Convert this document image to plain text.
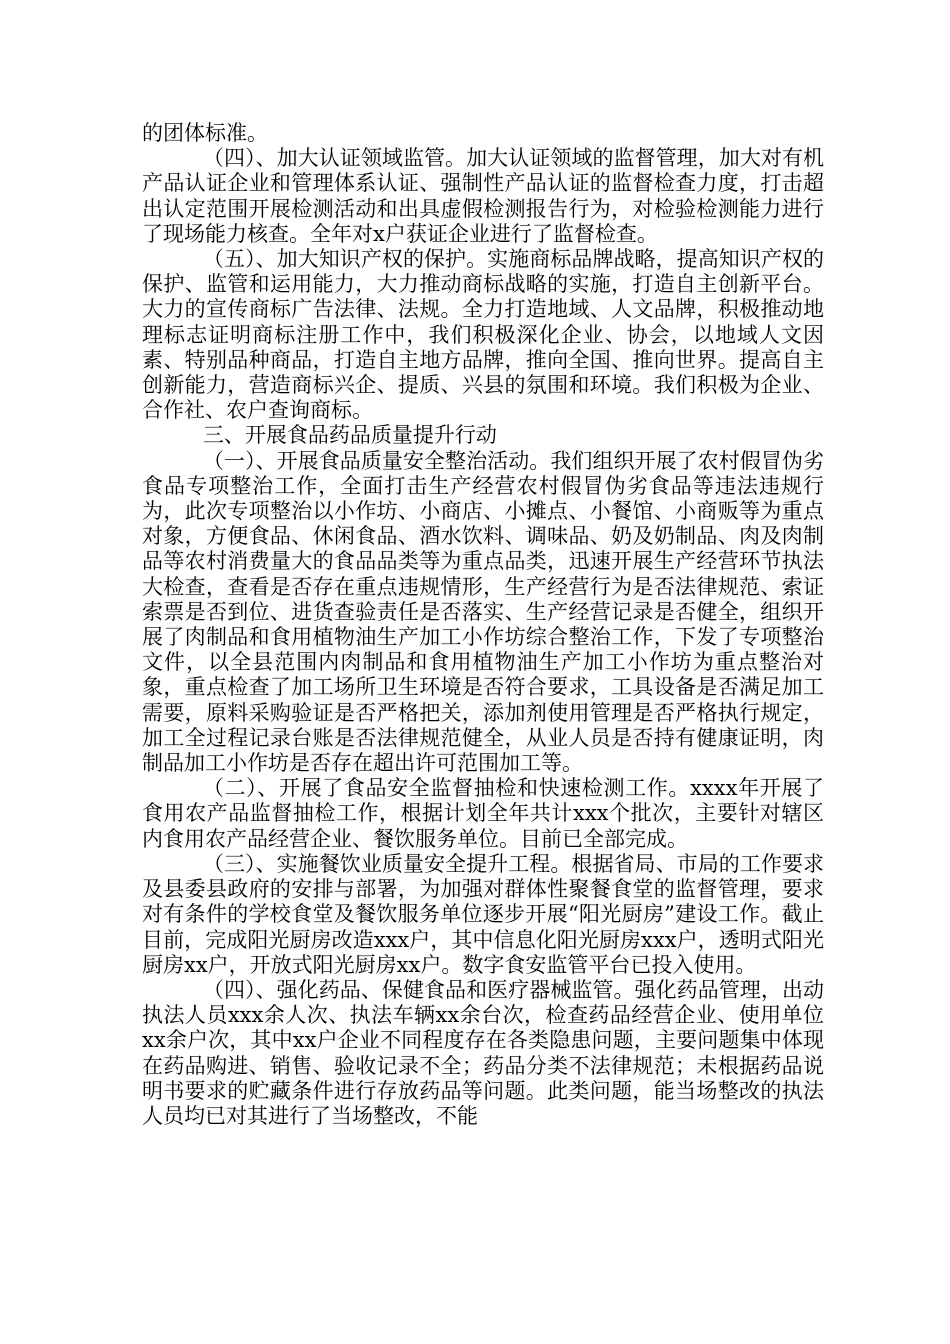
的团体标准。

（四）、加大认证领域监管。加大认证领域的监督管理，加大对有机产品认证企业和管理体系认证、强制性产品认证的监督检查力度，打击超出认定范围开展检测活动和出具虚假检测报告行为，对检验检测能力进行了现场能力核查。全年对x户获证企业进行了监督检查。

（五）、加大知识产权的保护。实施商标品牌战略，提高知识产权的保护、监管和运用能力，大力推动商标战略的实施，打造自主创新平台。大力的宣传商标广告法律、法规。全力打造地域、人文品牌，积极推动地理标志证明商标注册工作中，我们积极深化企业、协会，以地域人文因素、特别品种商品，打造自主地方品牌，推向全国、推向世界。提高自主创新能力，营造商标兴企、提质、兴县的氛围和环境。我们积极为企业、合作社、农户查询商标。

三、开展食品药品质量提升行动

（一）、开展食品质量安全整治活动。我们组织开展了农村假冒伪劣食品专项整治工作，全面打击生产经营农村假冒伪劣食品等违法违规行为，此次专项整治以小作坊、小商店、小摊点、小餐馆、小商贩等为重点对象，方便食品、休闲食品、酒水饮料、调味品、奶及奶制品、肉及肉制品等农村消费量大的食品品类等为重点品类，迅速开展生产经营环节执法大检查，查看是否存在重点违规情形，生产经营行为是否法律规范、索证索票是否到位、进货查验责任是否落实、生产经营记录是否健全，组织开展了肉制品和食用植物油生产加工小作坊综合整治工作，下发了专项整治文件，以全县范围内肉制品和食用植物油生产加工小作坊为重点整治对象，重点检查了加工场所卫生环境是否符合要求，工具设备是否满足加工需要，原料采购验证是否严格把关，添加剂使用管理是否严格执行规定，加工全过程记录台账是否法律规范健全，从业人员是否持有健康证明，肉制品加工小作坊是否存在超出许可范围加工等。

（二）、开展了食品安全监督抽检和快速检测工作。xxxx年开展了食用农产品监督抽检工作，根据计划全年共计xxx个批次，主要针对辖区内食用农产品经营企业、餐饮服务单位。目前已全部完成。

（三）、实施餐饮业质量安全提升工程。根据省局、市局的工作要求及县委县政府的安排与部署，为加强对群体性聚餐食堂的监督管理，要求对有条件的学校食堂及餐饮服务单位逐步开展“阳光厨房”建设工作。截止目前，完成阳光厨房改造xxx户，其中信息化阳光厨房xxx户，透明式阳光厨房xx户，开放式阳光厨房xx户。数字食安监管平台已投入使用。

（四）、强化药品、保健食品和医疗器械监管。强化药品管理，出动执法人员xxx余人次、执法车辆xx余台次，检查药品经营企业、使用单位xx余户次，其中xx户企业不同程度存在各类隐患问题，主要问题集中体现在药品购进、销售、验收记录不全；药品分类不法律规范；未根据药品说明书要求的贮藏条件进行存放药品等问题。此类问题，能当场整改的执法人员均已对其进行了当场整改，不能
